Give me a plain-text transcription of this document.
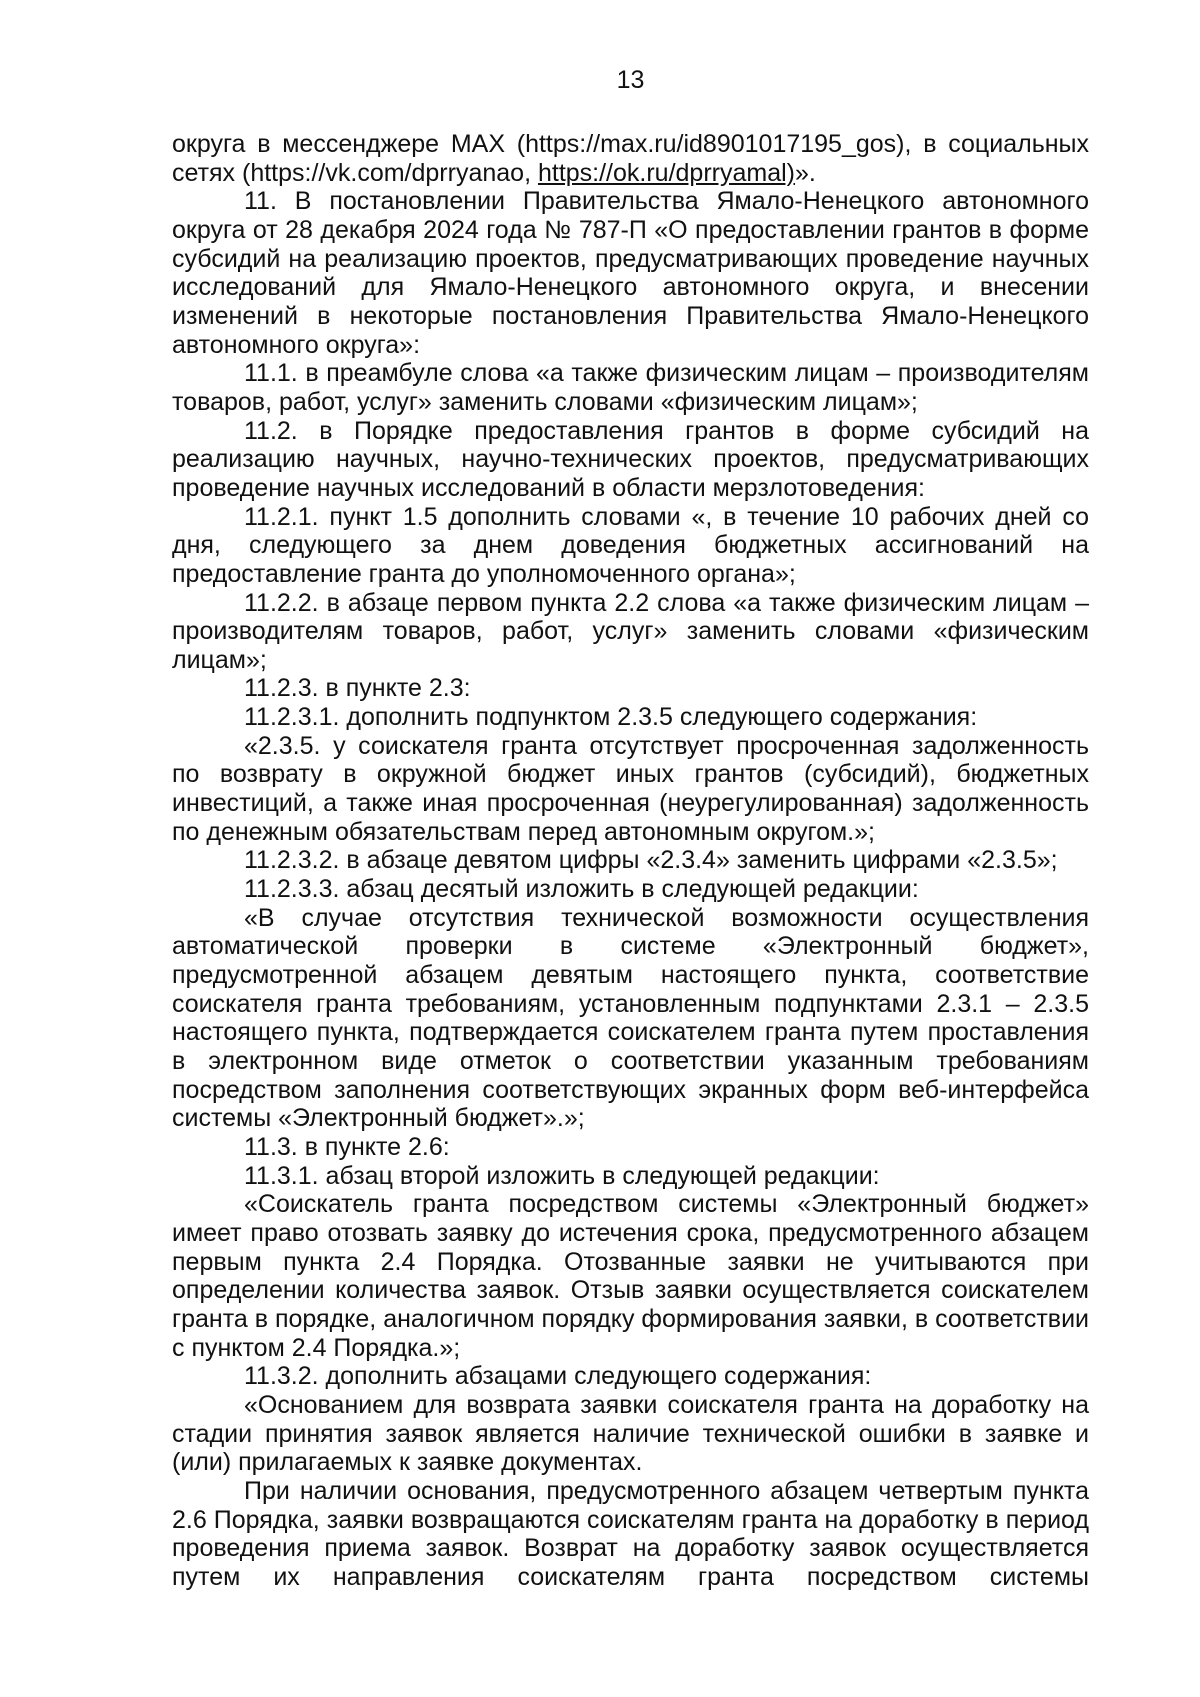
13

округа в мессенджере МАХ (https://max.ru/id8901017195_gos), в социальных сетях (https://vk.com/dprryanao, https://ok.ru/dprryamal)».

11. В постановлении Правительства Ямало-Ненецкого автономного округа от 28 декабря 2024 года № 787-П «О предоставлении грантов в форме субсидий на реализацию проектов, предусматривающих проведение научных исследований для Ямало-Ненецкого автономного округа, и внесении изменений в некоторые постановления Правительства Ямало-Ненецкого автономного округа»:

11.1. в преамбуле слова «а также физическим лицам – производителям товаров, работ, услуг» заменить словами «физическим лицам»;

11.2. в Порядке предоставления грантов в форме субсидий на реализацию научных, научно-технических проектов, предусматривающих проведение научных исследований в области мерзлотоведения:

11.2.1. пункт 1.5 дополнить словами «, в течение 10 рабочих дней со дня, следующего за днем доведения бюджетных ассигнований на предоставление гранта до уполномоченного органа»;

11.2.2. в абзаце первом пункта 2.2 слова «а также физическим лицам – производителям товаров, работ, услуг» заменить словами «физическим лицам»;

11.2.3. в пункте 2.3:

11.2.3.1. дополнить подпунктом 2.3.5 следующего содержания:

«2.3.5. у соискателя гранта отсутствует просроченная задолженность по возврату в окружной бюджет иных грантов (субсидий), бюджетных инвестиций, а также иная просроченная (неурегулированная) задолженность по денежным обязательствам перед автономным округом.»;

11.2.3.2. в абзаце девятом цифры «2.3.4» заменить цифрами «2.3.5»;

11.2.3.3. абзац десятый изложить в следующей редакции:

«В случае отсутствия технической возможности осуществления автоматической проверки в системе «Электронный бюджет», предусмотренной абзацем девятым настоящего пункта, соответствие соискателя гранта требованиям, установленным подпунктами 2.3.1 – 2.3.5 настоящего пункта, подтверждается соискателем гранта путем проставления в электронном виде отметок о соответствии указанным требованиям посредством заполнения соответствующих экранных форм веб-интерфейса системы «Электронный бюджет».»;

11.3. в пункте 2.6:

11.3.1. абзац второй изложить в следующей редакции:

«Соискатель гранта посредством системы «Электронный бюджет» имеет право отозвать заявку до истечения срока, предусмотренного абзацем первым пункта 2.4 Порядка. Отозванные заявки не учитываются при определении количества заявок. Отзыв заявки осуществляется соискателем гранта в порядке, аналогичном порядку формирования заявки, в соответствии с пунктом 2.4 Порядка.»;

11.3.2. дополнить абзацами следующего содержания:

«Основанием для возврата заявки соискателя гранта на доработку на стадии принятия заявок является наличие технической ошибки в заявке и (или) прилагаемых к заявке документах.

При наличии основания, предусмотренного абзацем четвертым пункта 2.6 Порядка, заявки возвращаются соискателям гранта на доработку в период проведения приема заявок. Возврат на доработку заявок осуществляется путем их направления соискателям гранта посредством системы
